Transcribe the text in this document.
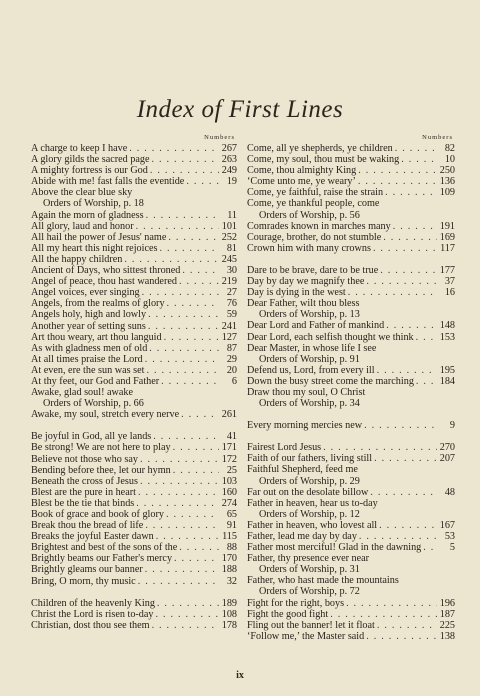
Index of First Lines
Numbers
A charge to keep I have . . .	267
A glory gilds the sacred page . . .	263
A mighty fortress is our God . . .	249
Abide with me! fast falls the eventide . . .	19
Above the clear blue sky
Orders of Worship, p. 18
Again the morn of gladness . . .	11
All glory, laud and honor . . .	101
All hail the power of Jesus' name . . .	252
All my heart this night rejoices . . .	81
All the happy children . . .	245
Ancient of Days, who sittest throned . . .	30
Angel of peace, thou hast wandered . . .	219
Angel voices, ever singing . . .	27
Angels, from the realms of glory . . .	76
Angels holy, high and lowly . . .	59
Another year of setting suns . . .	241
Art thou weary, art thou languid . . .	127
As with gladness men of old . . .	87
At all times praise the Lord . . .	29
At even, ere the sun was set . . .	20
At thy feet, our God and Father . . .	6
Awake, glad soul! awake
Orders of Worship, p. 66
Awake, my soul, stretch every nerve . . .	261
Be joyful in God, all ye lands . . .	41
Be strong! We are not here to play . . .	171
Believe not those who say . . .	172
Bending before thee, let our hymn . . .	25
Beneath the cross of Jesus . . .	103
Blest are the pure in heart . . .	160
Blest be the tie that binds . . .	274
Book of grace and book of glory . . .	65
Break thou the bread of life . . .	91
Breaks the joyful Easter dawn . . .	115
Brightest and best of the sons of the . . .	88
Brightly beams our Father's mercy . . .	170
Brightly gleams our banner . . .	188
Bring, O morn, thy music . . .	32
Children of the heavenly King . . .	189
Christ the Lord is risen to-day . . .	108
Christian, dost thou see them . . .	178
Numbers
Come, all ye shepherds, ye children . . .	82
Come, my soul, thou must be waking . . .	10
Come, thou almighty King . . .	250
‘Come unto me, ye weary’ . . .	136
Come, ye faithful, raise the strain . . .	109
Come, ye thankful people, come
Orders of Worship, p. 56
Comrades known in marches many . . .	191
Courage, brother, do not stumble . . .	169
Crown him with many crowns . . .	117
Dare to be brave, dare to be true . . .	177
Day by day we magnify thee . . .	37
Day is dying in the west . . .	16
Dear Father, wilt thou bless
Orders of Worship, p. 13
Dear Lord and Father of mankind . . .	148
Dear Lord, each selfish thought we think . . .	153
Dear Master, in whose life I see
Orders of Worship, p. 91
Defend us, Lord, from every ill . . .	195
Down the busy street come the marching . . .	184
Draw thou my soul, O Christ
Orders of Worship, p. 34
Every morning mercies new . . .	9
Fairest Lord Jesus . . .	270
Faith of our fathers, living still . . .	207
Faithful Shepherd, feed me
Orders of Worship, p. 29
Far out on the desolate billow . . .	48
Father in heaven, hear us to-day
Orders of Worship, p. 12
Father in heaven, who lovest all . . .	167
Father, lead me day by day . . .	53
Father most merciful! Glad in the dawning . . .	5
Father, thy presence ever near
Orders of Worship, p. 31
Father, who hast made the mountains
Orders of Worship, p. 72
Fight for the right, boys . . .	196
Fight the good fight . . .	187
Fling out the banner! let it float . . .	225
‘Follow me,’ the Master said . . .	138
ix
